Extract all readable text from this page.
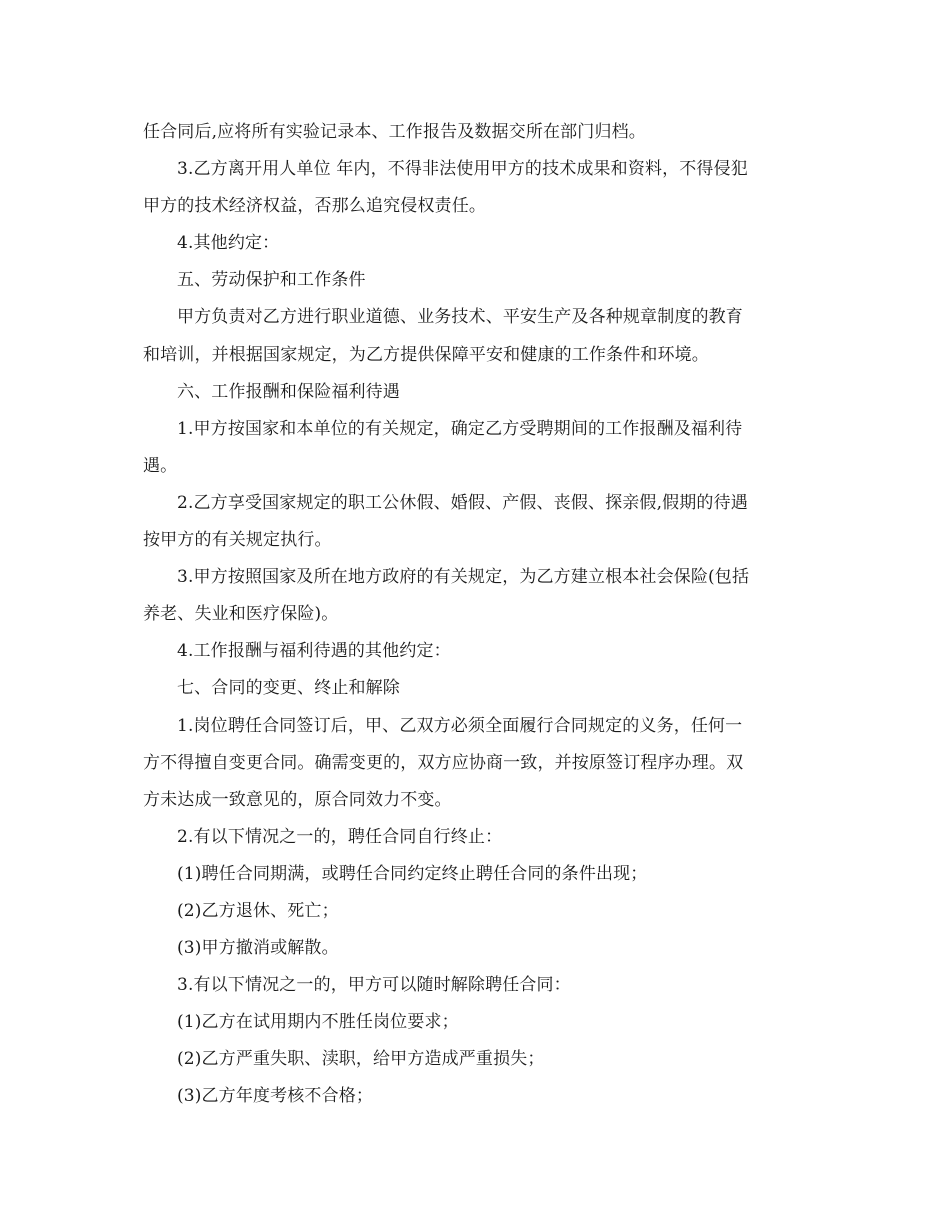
任合同后,应将所有实验记录本、工作报告及数据交所在部门归档。
3.乙方离开用人单位 年内，不得非法使用甲方的技术成果和资料，不得侵犯
甲方的技术经济权益，否那么追究侵权责任。
4.其他约定：
五、劳动保护和工作条件
甲方负责对乙方进行职业道德、业务技术、平安生产及各种规章制度的教育
和培训，并根据国家规定，为乙方提供保障平安和健康的工作条件和环境。
六、工作报酬和保险福利待遇
1.甲方按国家和本单位的有关规定，确定乙方受聘期间的工作报酬及福利待
遇。
2.乙方享受国家规定的职工公休假、婚假、产假、丧假、探亲假,假期的待遇
按甲方的有关规定执行。
3.甲方按照国家及所在地方政府的有关规定，为乙方建立根本社会保险(包括
养老、失业和医疗保险)。
4.工作报酬与福利待遇的其他约定：
七、合同的变更、终止和解除
1.岗位聘任合同签订后，甲、乙双方必须全面履行合同规定的义务，任何一
方不得擅自变更合同。确需变更的，双方应协商一致，并按原签订程序办理。双
方未达成一致意见的，原合同效力不变。
2.有以下情况之一的，聘任合同自行终止：
(1)聘任合同期满，或聘任合同约定终止聘任合同的条件出现；
(2)乙方退休、死亡；
(3)甲方撤消或解散。
3.有以下情况之一的，甲方可以随时解除聘任合同：
(1)乙方在试用期内不胜任岗位要求；
(2)乙方严重失职、渎职，给甲方造成严重损失；
(3)乙方年度考核不合格；
